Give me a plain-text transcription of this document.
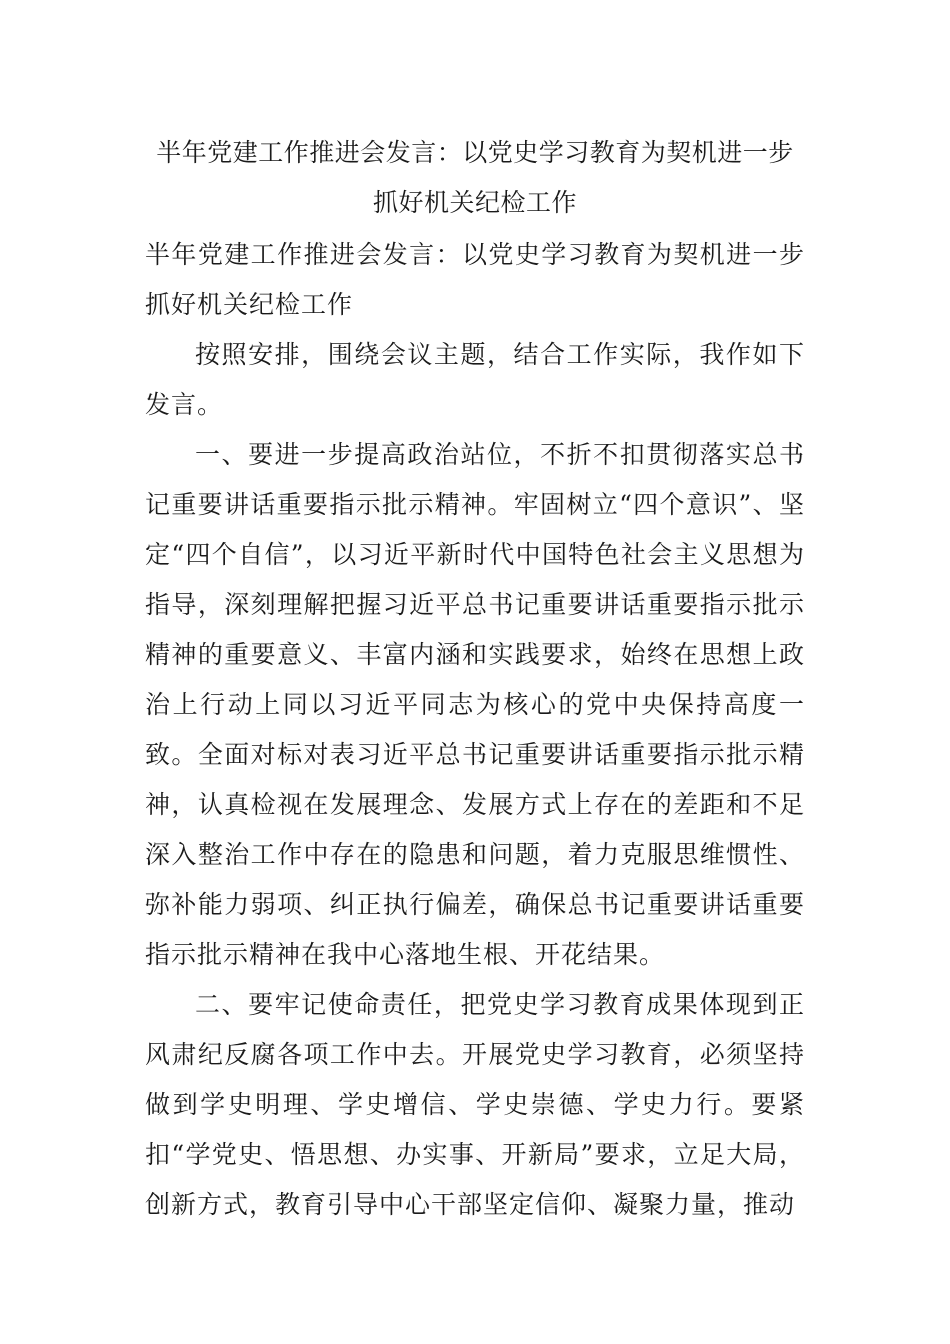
半年党建工作推进会发言：以党史学习教育为契机进一步抓好机关纪检工作

半年党建工作推进会发言：以党史学习教育为契机进一步抓好机关纪检工作

按照安排，围绕会议主题，结合工作实际，我作如下发言。

一、要进一步提高政治站位，不折不扣贯彻落实总书记重要讲话重要指示批示精神。牢固树立“四个意识”、坚定“四个自信”，以习近平新时代中国特色社会主义思想为指导，深刻理解把握习近平总书记重要讲话重要指示批示精神的重要意义、丰富内涵和实践要求，始终在思想上政治上行动上同以习近平同志为核心的党中央保持高度一致。全面对标对表习近平总书记重要讲话重要指示批示精神，认真检视在发展理念、发展方式上存在的差距和不足深入整治工作中存在的隐患和问题，着力克服思维惯性、弥补能力弱项、纠正执行偏差，确保总书记重要讲话重要指示批示精神在我中心落地生根、开花结果。

二、要牢记使命责任，把党史学习教育成果体现到正风肃纪反腐各项工作中去。开展党史学习教育，必须坚持做到学史明理、学史增信、学史崇德、学史力行。要紧扣“学党史、悟思想、办实事、开新局”要求，立足大局，创新方式，教育引导中心干部坚定信仰、凝聚力量，推动
